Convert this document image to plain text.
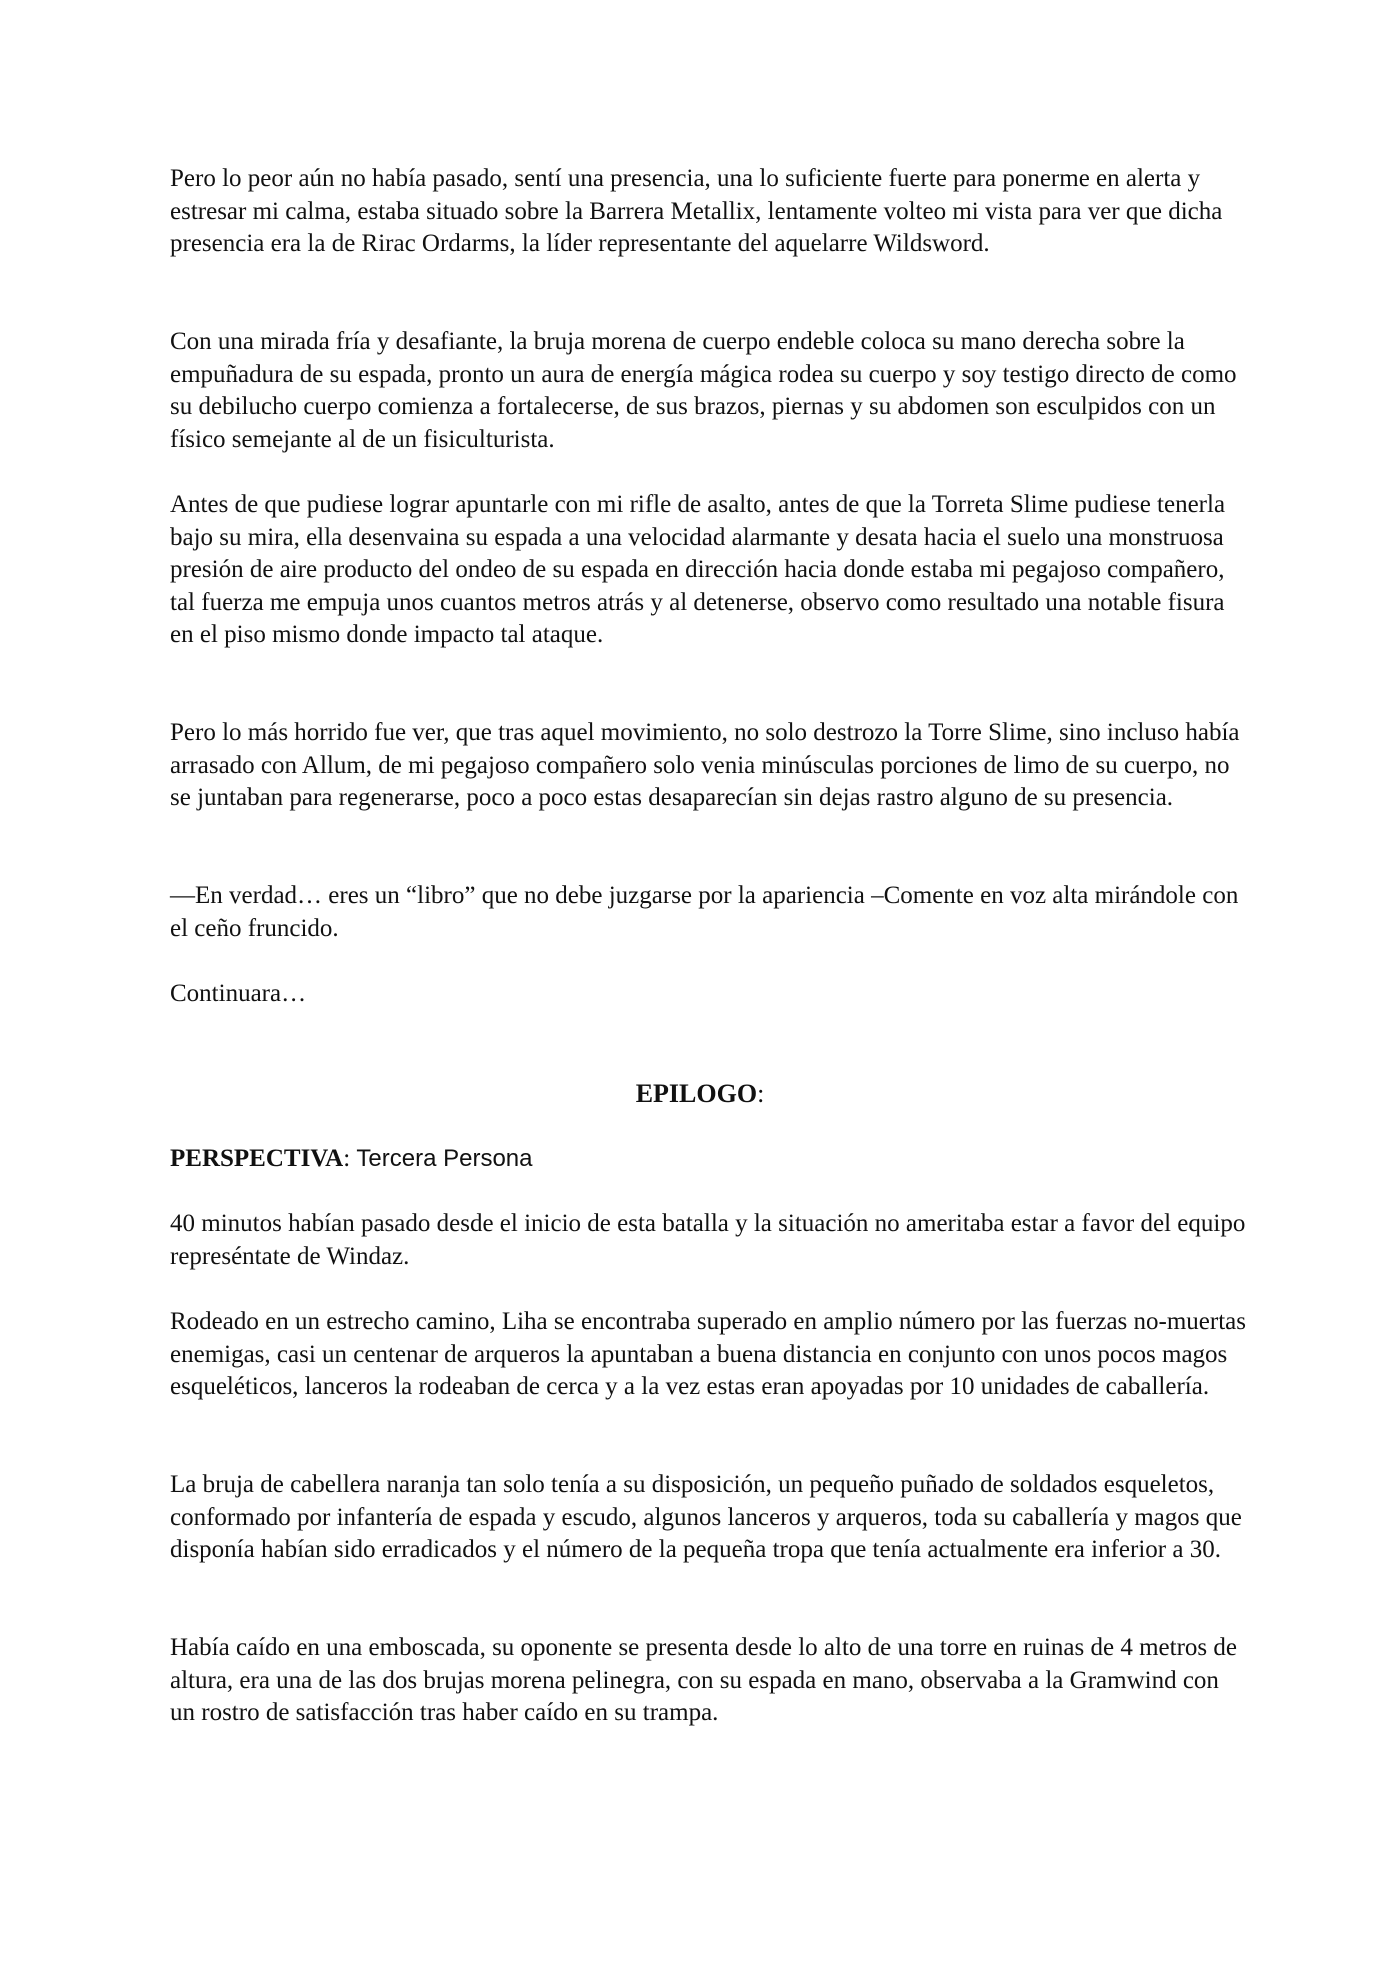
Pero lo peor aún no había pasado, sentí una presencia, una lo suficiente fuerte para ponerme en alerta y estresar mi calma, estaba situado sobre la Barrera Metallix, lentamente volteo mi vista para ver que dicha presencia era la de Rirac Ordarms, la líder representante del aquelarre Wildsword.

Con una mirada fría y desafiante, la bruja morena de cuerpo endeble coloca su mano derecha sobre la empuñadura de su espada, pronto un aura de energía mágica rodea su cuerpo y soy testigo directo de como su debilucho cuerpo comienza a fortalecerse, de sus brazos, piernas y su abdomen son esculpidos con un físico semejante al de un fisiculturista.

Antes de que pudiese lograr apuntarle con mi rifle de asalto, antes de que la Torreta Slime pudiese tenerla bajo su mira, ella desenvaina su espada a una velocidad alarmante y desata hacia el suelo una monstruosa presión de aire producto del ondeo de su espada en dirección hacia donde estaba mi pegajoso compañero, tal fuerza me empuja unos cuantos metros atrás y al detenerse, observo como resultado una notable fisura en el piso mismo donde impacto tal ataque.

Pero lo más horrido fue ver, que tras aquel movimiento, no solo destrozo la Torre Slime, sino incluso había arrasado con Allum, de mi pegajoso compañero solo venia minúsculas porciones de limo de su cuerpo, no se juntaban para regenerarse, poco a poco estas desaparecían sin dejas rastro alguno de su presencia.

—En verdad… eres un “libro” que no debe juzgarse por la apariencia –Comente en voz alta mirándole con el ceño fruncido.

Continuara…

EPILOGO:

PERSPECTIVA: Tercera Persona

40 minutos habían pasado desde el inicio de esta batalla y la situación no ameritaba estar a favor del equipo represéntate de Windaz.

Rodeado en un estrecho camino, Liha se encontraba superado en amplio número por las fuerzas no-muertas enemigas, casi un centenar de arqueros la apuntaban a buena distancia en conjunto con unos pocos magos esqueléticos, lanceros la rodeaban de cerca y a la vez estas eran apoyadas por 10 unidades de caballería.

La bruja de cabellera naranja tan solo tenía a su disposición, un pequeño puñado de soldados esqueletos, conformado por infantería de espada y escudo, algunos lanceros y arqueros, toda su caballería y magos que disponía habían sido erradicados y el número de la pequeña tropa que tenía actualmente era inferior a 30.

Había caído en una emboscada, su oponente se presenta desde lo alto de una torre en ruinas de 4 metros de altura, era una de las dos brujas morena pelinegra, con su espada en mano, observaba a la Gramwind con un rostro de satisfacción tras haber caído en su trampa.
